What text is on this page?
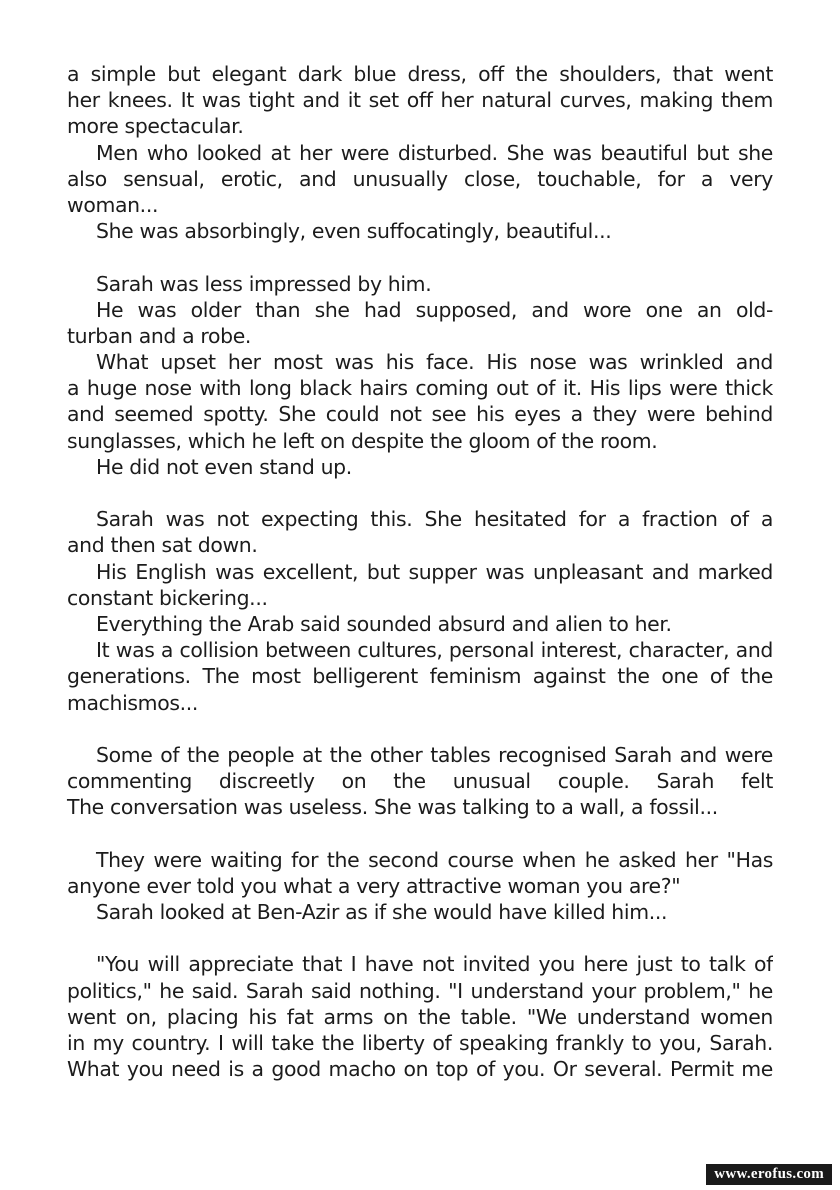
a simple but elegant dark blue dress, off the shoulders, that went
her knees. It was tight and it set off her natural curves, making them
more spectacular.
Men who looked at her were disturbed. She was beautiful but she
also sensual, erotic, and unusually close, touchable, for a very
woman...
She was absorbingly, even suffocatingly, beautiful...
Sarah was less impressed by him.
He was older than she had supposed, and wore one an old-
turban and a robe.
What upset her most was his face. His nose was wrinkled and
a huge nose with long black hairs coming out of it. His lips were thick
and seemed spotty. She could not see his eyes a they were behind
sunglasses, which he left on despite the gloom of the room.
He did not even stand up.
Sarah was not expecting this. She hesitated for a fraction of a
and then sat down.
His English was excellent, but supper was unpleasant and marked
constant bickering...
Everything the Arab said sounded absurd and alien to her.
It was a collision between cultures, personal interest, character, and
generations. The most belligerent feminism against the one of the
machismos...
Some of the people at the other tables recognised Sarah and were
commenting discreetly on the unusual couple. Sarah felt
The conversation was useless. She was talking to a wall, a fossil...
They were waiting for the second course when he asked her "Has
anyone ever told you what a very attractive woman you are?"
Sarah looked at Ben-Azir as if she would have killed him...
"You will appreciate that I have not invited you here just to talk of
politics," he said. Sarah said nothing. "I understand your problem," he
went on, placing his fat arms on the table. "We understand women
in my country. I will take the liberty of speaking frankly to you, Sarah.
What you need is a good macho on top of you. Or several. Permit me
www.erofus.com
